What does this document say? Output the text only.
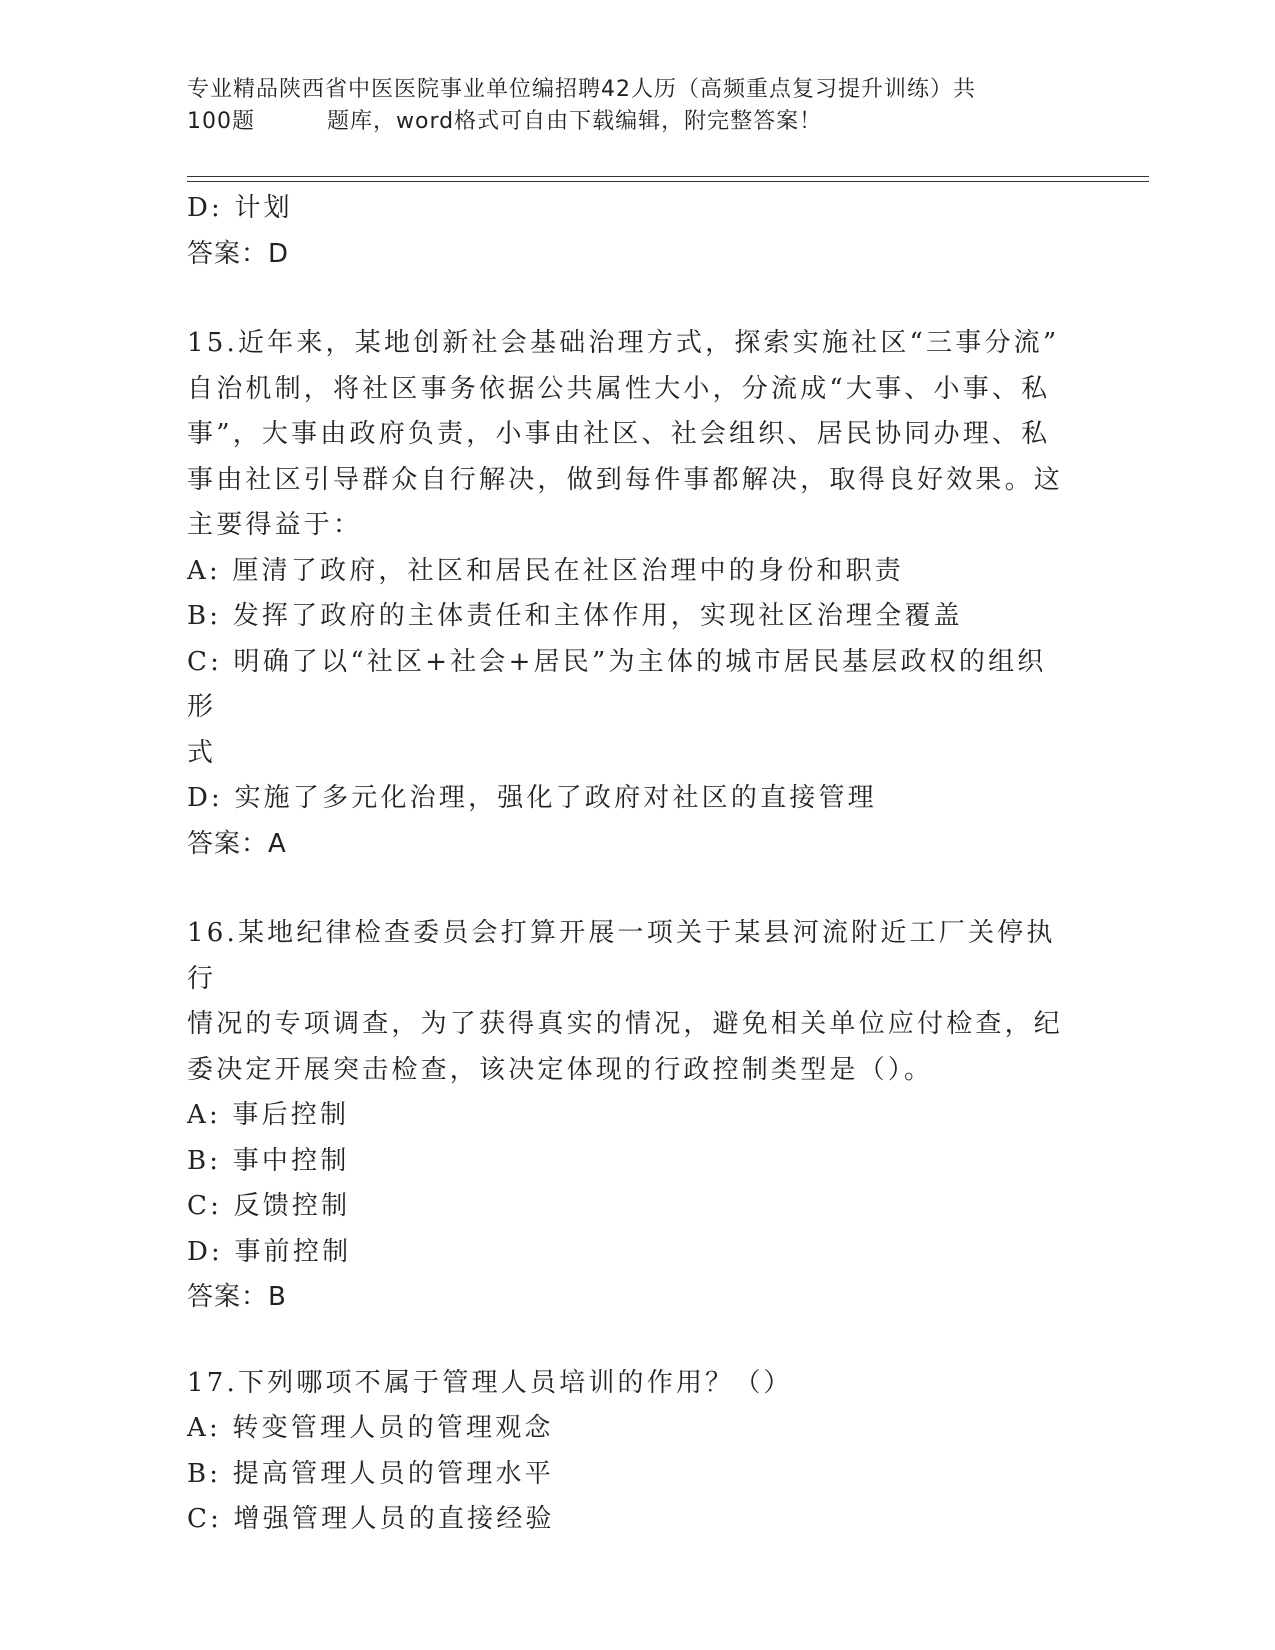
专业精品陕西省中医医院事业单位编招聘42人历（高频重点复习提升训练）共
100题	题库，word格式可自由下载编辑，附完整答案！
D: 计划
答案：D
15.近年来，某地创新社会基础治理方式，探索实施社区“三事分流”
自治机制，将社区事务依据公共属性大小，分流成“大事、小事、私
事”，大事由政府负责，小事由社区、社会组织、居民协同办理、私
事由社区引导群众自行解决，做到每件事都解决，取得良好效果。这
主要得益于：
A: 厘清了政府，社区和居民在社区治理中的身份和职责
B: 发挥了政府的主体责任和主体作用，实现社区治理全覆盖
C: 明确了以“社区+社会+居民”为主体的城市居民基层政权的组织形
式
D: 实施了多元化治理，强化了政府对社区的直接管理
答案：A
16.某地纪律检查委员会打算开展一项关于某县河流附近工厂关停执行
情况的专项调查，为了获得真实的情况，避免相关单位应付检查，纪
委决定开展突击检查，该决定体现的行政控制类型是（）。
A: 事后控制
B: 事中控制
C: 反馈控制
D: 事前控制
答案：B
17.下列哪项不属于管理人员培训的作用？（）
A: 转变管理人员的管理观念
B: 提高管理人员的管理水平
C: 增强管理人员的直接经验
